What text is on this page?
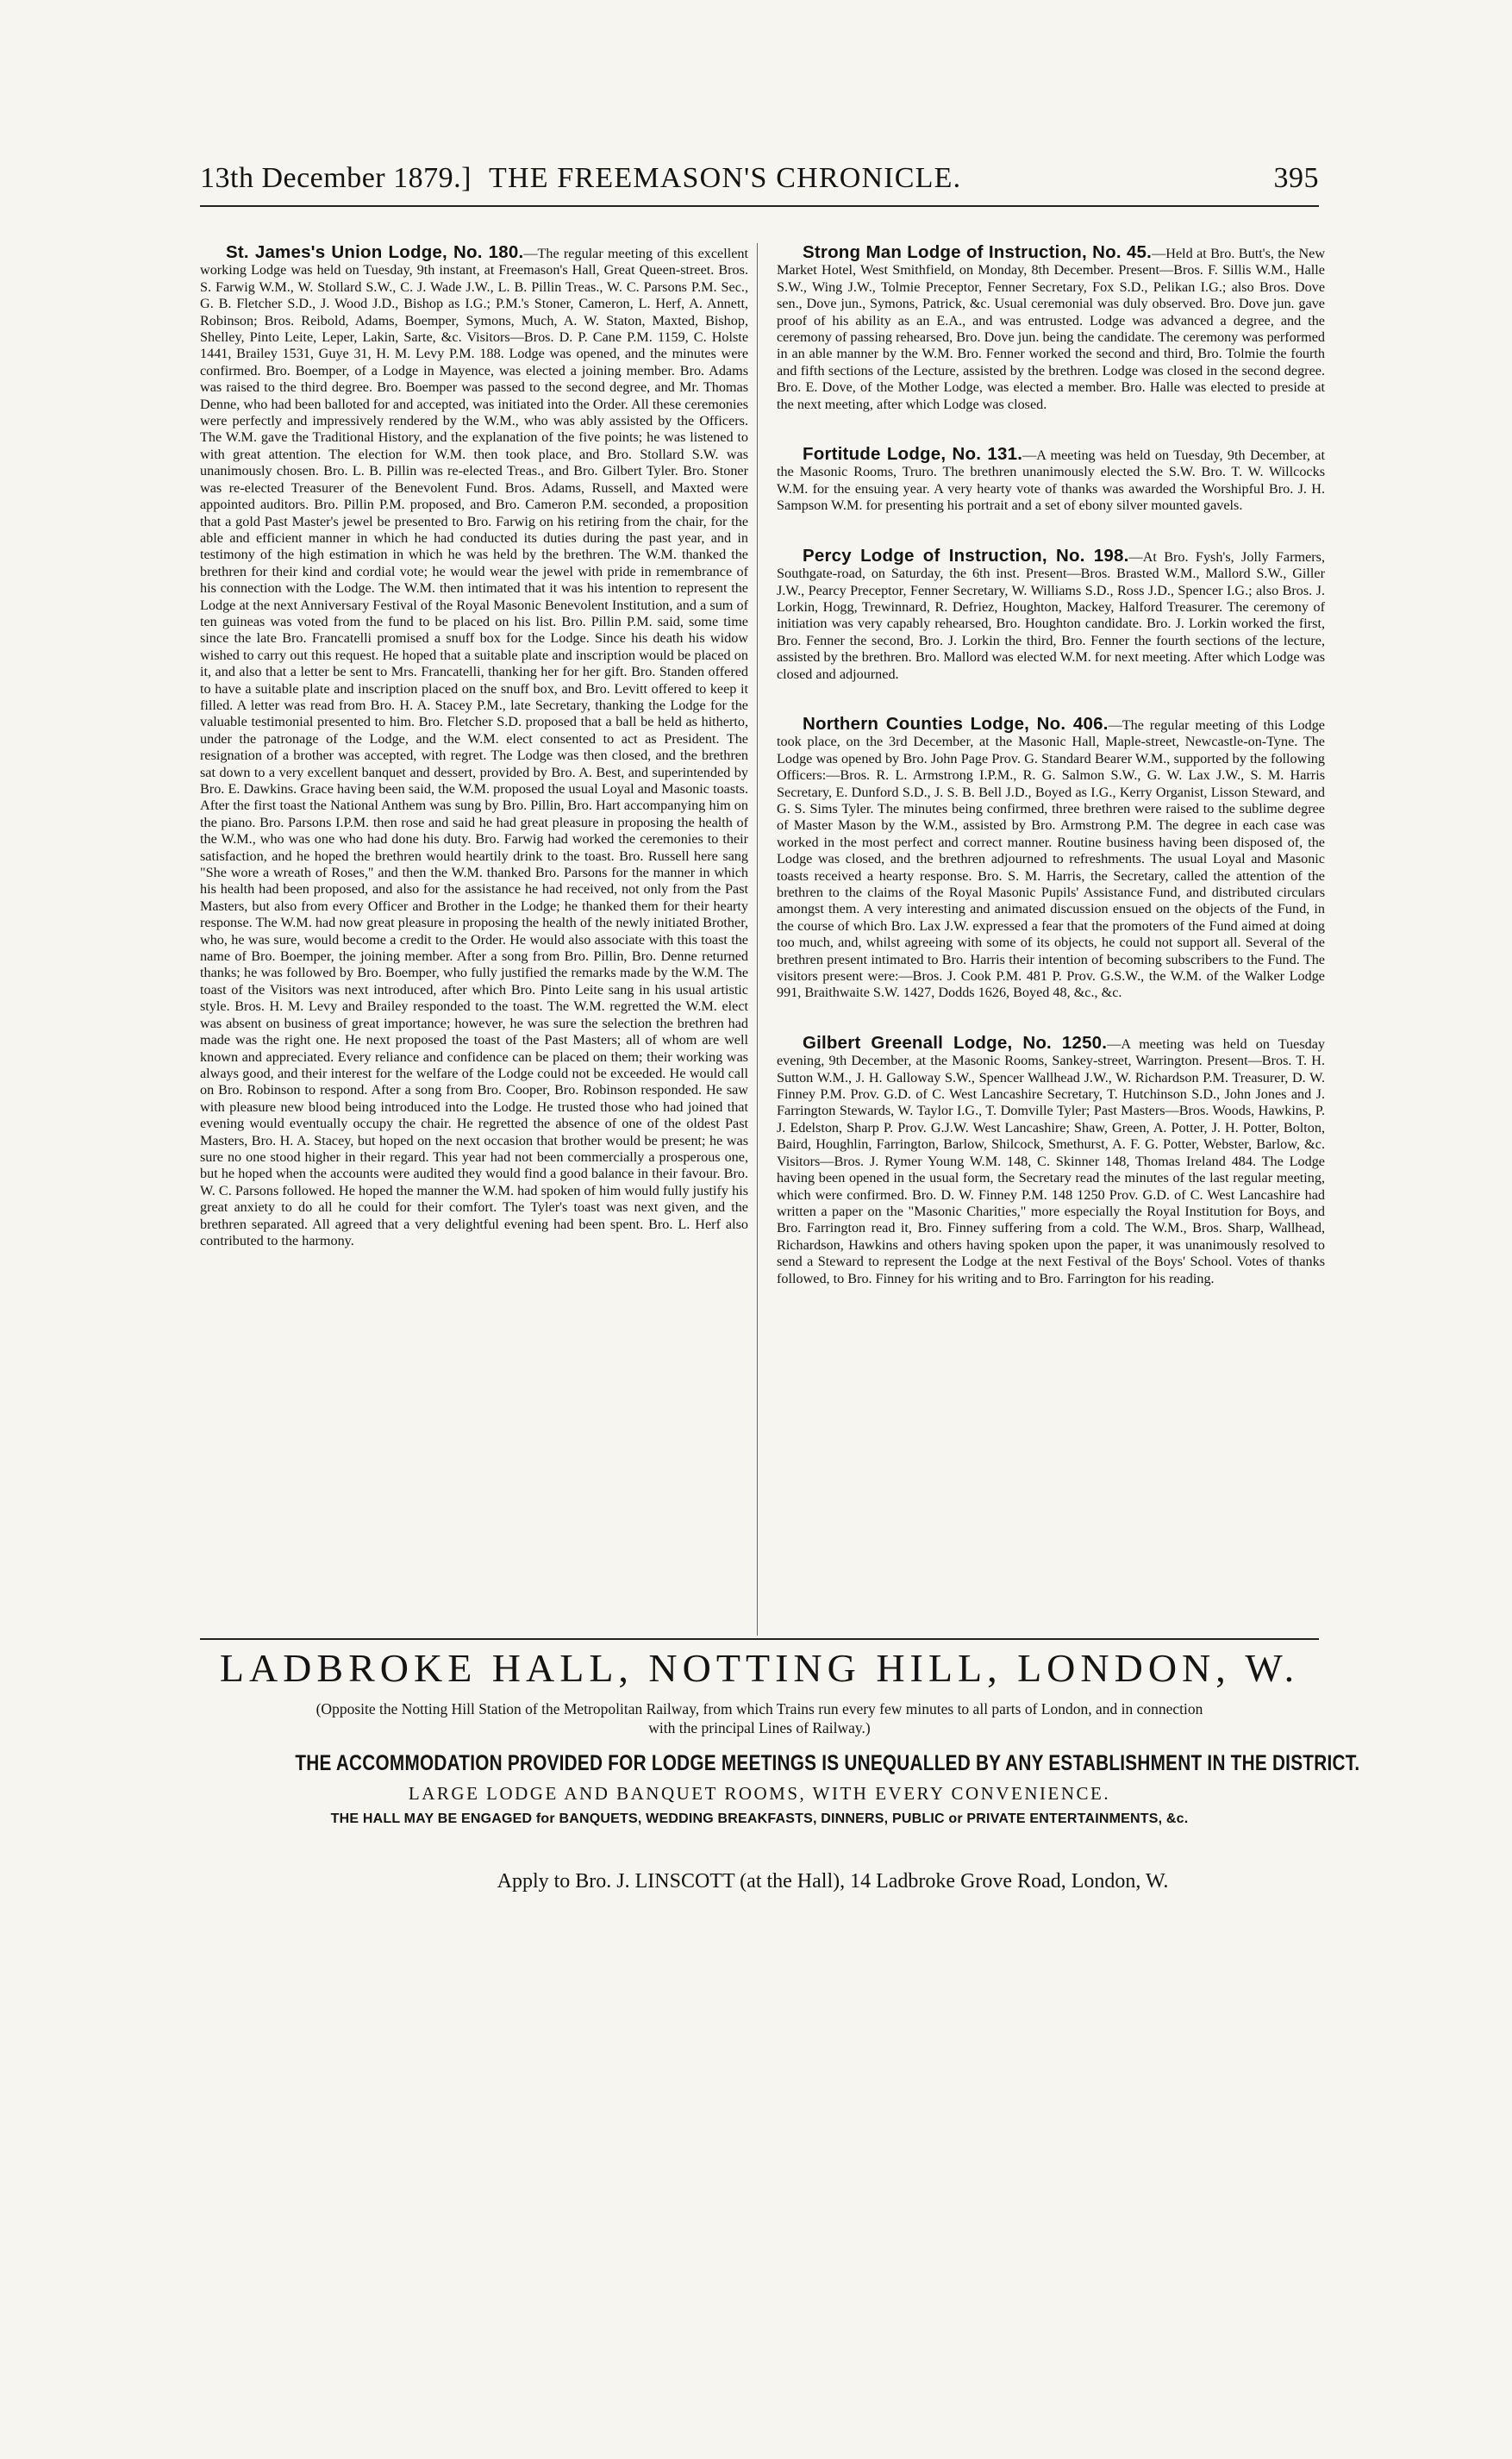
13th December 1879.] THE FREEMASON'S CHRONICLE.	395

St. James's Union Lodge, No. 180.—The regular meeting of this excellent working Lodge was held on Tuesday, 9th instant, at Freemason's Hall, Great Queen-street. Bros. S. Farwig W.M., W. Stollard S.W., C. J. Wade J.W., L. B. Pillin Treas., W. C. Parsons P.M. Sec., G. B. Fletcher S.D., J. Wood J.D., Bishop as I.G.; P.M.'s Stoner, Cameron, L. Herf, A. Annett, Robinson; Bros. Reibold, Adams, Boemper, Symons, Much, A. W. Staton, Maxted, Bishop, Shelley, Pinto Leite, Leper, Lakin, Sarte, &c. Visitors—Bros. D. P. Cane P.M. 1159, C. Holste 1441, Brailey 1531, Guye 31, H. M. Levy P.M. 188. Lodge was opened, and the minutes were confirmed. Bro. Boemper, of a Lodge in Mayence, was elected a joining member. Bro. Adams was raised to the third degree. Bro. Boemper was passed to the second degree, and Mr. Thomas Denne, who had been balloted for and accepted, was initiated into the Order. All these ceremonies were perfectly and impressively rendered by the W.M., who was ably assisted by the Officers. The W.M. gave the Traditional History, and the explanation of the five points; he was listened to with great attention. The election for W.M. then took place, and Bro. Stollard S.W. was unanimously chosen. Bro. L. B. Pillin was re-elected Treas., and Bro. Gilbert Tyler. Bro. Stoner was re-elected Treasurer of the Benevolent Fund. Bros. Adams, Russell, and Maxted were appointed auditors. Bro. Pillin P.M. proposed, and Bro. Cameron P.M. seconded, a proposition that a gold Past Master's jewel be presented to Bro. Farwig on his retiring from the chair, for the able and efficient manner in which he had conducted its duties during the past year, and in testimony of the high estimation in which he was held by the brethren. The W.M. thanked the brethren for their kind and cordial vote; he would wear the jewel with pride in remembrance of his connection with the Lodge. The W.M. then intimated that it was his intention to represent the Lodge at the next Anniversary Festival of the Royal Masonic Benevolent Institution, and a sum of ten guineas was voted from the fund to be placed on his list. Bro. Pillin P.M. said, some time since the late Bro. Francatelli promised a snuff box for the Lodge. Since his death his widow wished to carry out this request. He hoped that a suitable plate and inscription would be placed on it, and also that a letter be sent to Mrs. Francatelli, thanking her for her gift. Bro. Standen offered to have a suitable plate and inscription placed on the snuff box, and Bro. Levitt offered to keep it filled. A letter was read from Bro. H. A. Stacey P.M., late Secretary, thanking the Lodge for the valuable testimonial presented to him. Bro. Fletcher S.D. proposed that a ball be held as hitherto, under the patronage of the Lodge, and the W.M. elect consented to act as President. The resignation of a brother was accepted, with regret. The Lodge was then closed, and the brethren sat down to a very excellent banquet and dessert, provided by Bro. A. Best, and superintended by Bro. E. Dawkins. Grace having been said, the W.M. proposed the usual Loyal and Masonic toasts. After the first toast the National Anthem was sung by Bro. Pillin, Bro. Hart accompanying him on the piano. Bro. Parsons I.P.M. then rose and said he had great pleasure in proposing the health of the W.M., who was one who had done his duty. Bro. Farwig had worked the ceremonies to their satisfaction, and he hoped the brethren would heartily drink to the toast. Bro. Russell here sang "She wore a wreath of Roses," and then the W.M. thanked Bro. Parsons for the manner in which his health had been proposed, and also for the assistance he had received, not only from the Past Masters, but also from every Officer and Brother in the Lodge; he thanked them for their hearty response. The W.M. had now great pleasure in proposing the health of the newly initiated Brother, who, he was sure, would become a credit to the Order. He would also associate with this toast the name of Bro. Boemper, the joining member. After a song from Bro. Pillin, Bro. Denne returned thanks; he was followed by Bro. Boemper, who fully justified the remarks made by the W.M. The toast of the Visitors was next introduced, after which Bro. Pinto Leite sang in his usual artistic style. Bros. H. M. Levy and Brailey responded to the toast. The W.M. regretted the W.M. elect was absent on business of great importance; however, he was sure the selection the brethren had made was the right one. He next proposed the toast of the Past Masters; all of whom are well known and appreciated. Every reliance and confidence can be placed on them; their working was always good, and their interest for the welfare of the Lodge could not be exceeded. He would call on Bro. Robinson to respond. After a song from Bro. Cooper, Bro. Robinson responded. He saw with pleasure new blood being introduced into the Lodge. He trusted those who had joined that evening would eventually occupy the chair. He regretted the absence of one of the oldest Past Masters, Bro. H. A. Stacey, but hoped on the next occasion that brother would be present; he was sure no one stood higher in their regard. This year had not been commercially a prosperous one, but he hoped when the accounts were audited they would find a good balance in their favour. Bro. W. C. Parsons followed. He hoped the manner the W.M. had spoken of him would fully justify his great anxiety to do all he could for their comfort. The Tyler's toast was next given, and the brethren separated. All agreed that a very delightful evening had been spent. Bro. L. Herf also contributed to the harmony.

Strong Man Lodge of Instruction, No. 45.—Held at Bro. Butt's, the New Market Hotel, West Smithfield, on Monday, 8th December. Present—Bros. F. Sillis W.M., Halle S.W., Wing J.W., Tolmie Preceptor, Fenner Secretary, Fox S.D., Pelikan I.G.; also Bros. Dove sen., Dove jun., Symons, Patrick, &c. Usual ceremonial was duly observed. Bro. Dove jun. gave proof of his ability as an E.A., and was entrusted. Lodge was advanced a degree, and the ceremony of passing rehearsed, Bro. Dove jun. being the candidate. The ceremony was performed in an able manner by the W.M. Bro. Fenner worked the second and third, Bro. Tolmie the fourth and fifth sections of the Lecture, assisted by the brethren. Lodge was closed in the second degree. Bro. E. Dove, of the Mother Lodge, was elected a member. Bro. Halle was elected to preside at the next meeting, after which Lodge was closed.

Fortitude Lodge, No. 131.—A meeting was held on Tuesday, 9th December, at the Masonic Rooms, Truro. The brethren unanimously elected the S.W. Bro. T. W. Willcocks W.M. for the ensuing year. A very hearty vote of thanks was awarded the Worshipful Bro. J. H. Sampson W.M. for presenting his portrait and a set of ebony silver mounted gavels.

Percy Lodge of Instruction, No. 198.—At Bro. Fysh's, Jolly Farmers, Southgate-road, on Saturday, the 6th inst. Present—Bros. Brasted W.M., Mallord S.W., Giller J.W., Pearcy Preceptor, Fenner Secretary, W. Williams S.D., Ross J.D., Spencer I.G.; also Bros. J. Lorkin, Hogg, Trewinnard, R. Defriez, Houghton, Mackey, Halford Treasurer. The ceremony of initiation was very capably rehearsed, Bro. Houghton candidate. Bro. J. Lorkin worked the first, Bro. Fenner the second, Bro. J. Lorkin the third, Bro. Fenner the fourth sections of the lecture, assisted by the brethren. Bro. Mallord was elected W.M. for next meeting. After which Lodge was closed and adjourned.

Northern Counties Lodge, No. 406.—The regular meeting of this Lodge took place, on the 3rd December, at the Masonic Hall, Maple-street, Newcastle-on-Tyne. The Lodge was opened by Bro. John Page Prov. G. Standard Bearer W.M., supported by the following Officers:—Bros. R. L. Armstrong I.P.M., R. G. Salmon S.W., G. W. Lax J.W., S. M. Harris Secretary, E. Dunford S.D., J. S. B. Bell J.D., Boyed as I.G., Kerry Organist, Lisson Steward, and G. S. Sims Tyler. The minutes being confirmed, three brethren were raised to the sublime degree of Master Mason by the W.M., assisted by Bro. Armstrong P.M. The degree in each case was worked in the most perfect and correct manner. Routine business having been disposed of, the Lodge was closed, and the brethren adjourned to refreshments. The usual Loyal and Masonic toasts received a hearty response. Bro. S. M. Harris, the Secretary, called the attention of the brethren to the claims of the Royal Masonic Pupils' Assistance Fund, and distributed circulars amongst them. A very interesting and animated discussion ensued on the objects of the Fund, in the course of which Bro. Lax J.W. expressed a fear that the promoters of the Fund aimed at doing too much, and, whilst agreeing with some of its objects, he could not support all. Several of the brethren present intimated to Bro. Harris their intention of becoming subscribers to the Fund. The visitors present were:—Bros. J. Cook P.M. 481 P. Prov. G.S.W., the W.M. of the Walker Lodge 991, Braithwaite S.W. 1427, Dodds 1626, Boyed 48, &c., &c.

Gilbert Greenall Lodge, No. 1250.—A meeting was held on Tuesday evening, 9th December, at the Masonic Rooms, Sankey-street, Warrington. Present—Bros. T. H. Sutton W.M., J. H. Galloway S.W., Spencer Wallhead J.W., W. Richardson P.M. Treasurer, D. W. Finney P.M. Prov. G.D. of C. West Lancashire Secretary, T. Hutchinson S.D., John Jones and J. Farrington Stewards, W. Taylor I.G., T. Domville Tyler; Past Masters—Bros. Woods, Hawkins, P. J. Edelston, Sharp P. Prov. G.J.W. West Lancashire; Shaw, Green, A. Potter, J. H. Potter, Bolton, Baird, Houghlin, Farrington, Barlow, Shilcock, Smethurst, A. F. G. Potter, Webster, Barlow, &c. Visitors—Bros. J. Rymer Young W.M. 148, C. Skinner 148, Thomas Ireland 484. The Lodge having been opened in the usual form, the Secretary read the minutes of the last regular meeting, which were confirmed. Bro. D. W. Finney P.M. 148 1250 Prov. G.D. of C. West Lancashire had written a paper on the "Masonic Charities," more especially the Royal Institution for Boys, and Bro. Farrington read it, Bro. Finney suffering from a cold. The W.M., Bros. Sharp, Wallhead, Richardson, Hawkins and others having spoken upon the paper, it was unanimously resolved to send a Steward to represent the Lodge at the next Festival of the Boys' School. Votes of thanks followed, to Bro. Finney for his writing and to Bro. Farrington for his reading.

LADBROKE HALL, NOTTING HILL, LONDON, W.
(Opposite the Notting Hill Station of the Metropolitan Railway, from which Trains run every few minutes to all parts of London, and in connection with the principal Lines of Railway.)
THE ACCOMMODATION PROVIDED FOR LODGE MEETINGS IS UNEQUALLED BY ANY ESTABLISHMENT IN THE DISTRICT.
LARGE LODGE AND BANQUET ROOMS, WITH EVERY CONVENIENCE.
THE HALL MAY BE ENGAGED for BANQUETS, WEDDING BREAKFASTS, DINNERS, PUBLIC or PRIVATE ENTERTAINMENTS, &c.
Apply to Bro. J. LINSCOTT (at the Hall), 14 Ladbroke Grove Road, London, W.
